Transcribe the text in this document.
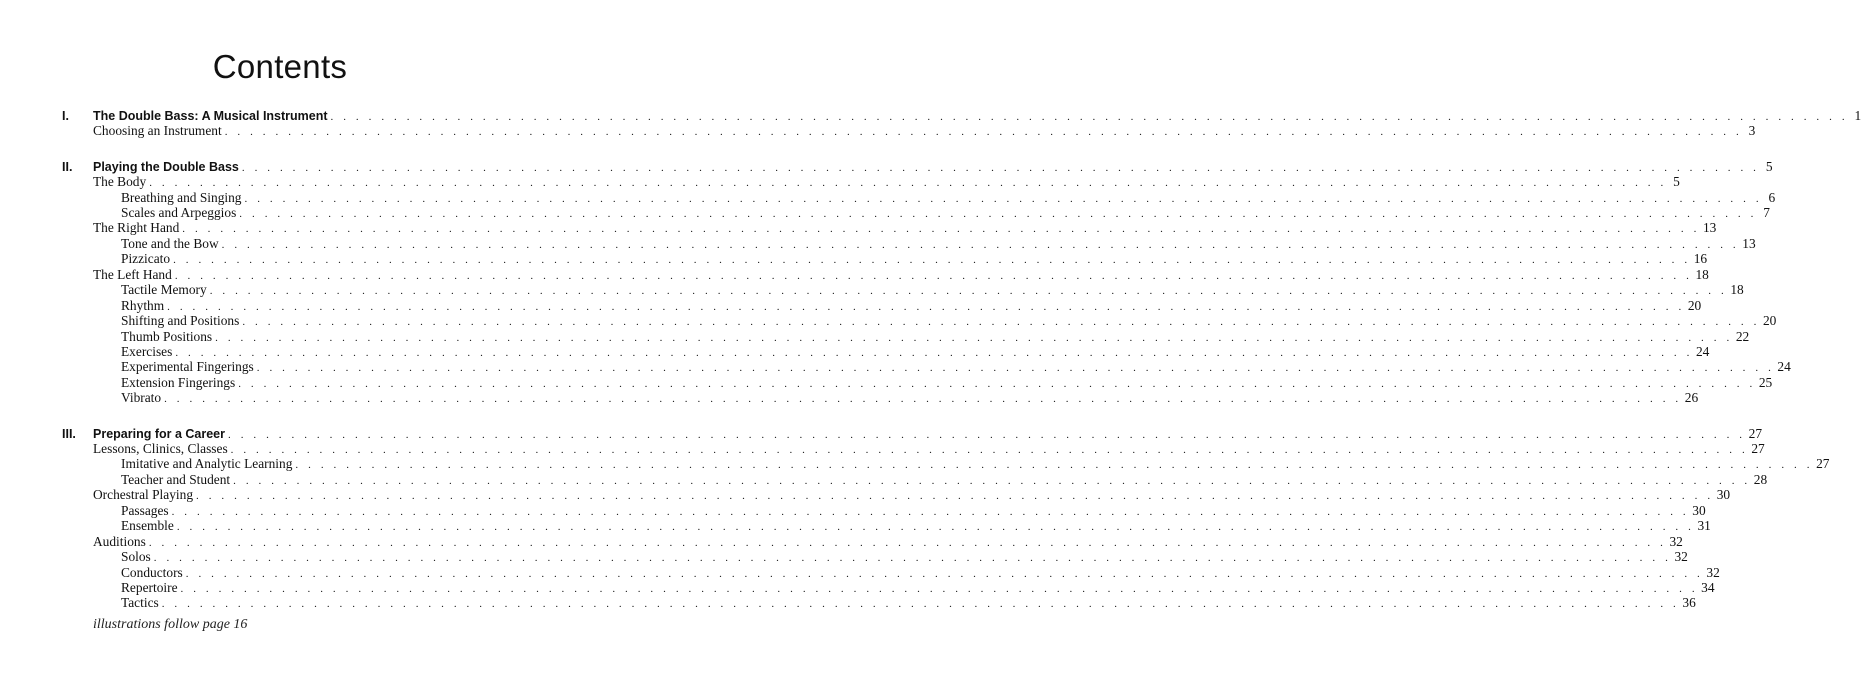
Contents
I. The Double Bass: A Musical Instrument . . . . . . . . . . . . . . . . . . . . . . . . . . . . . . . . . . . . . . . . . . . . . . . . . . . . . . . . . . . . . . . . . . . . . . . . . . . . . . . . . . . . . . . . . . . . . . . . . . . . . . . . . . . . . . . . . . . . . . . . 1
Choosing an Instrument . . . . . . . . . . . . . . . . . . . . . . . . . . . . . . . . . . . . . . . . . . . . . . . . . . . . . . . . . . . . . . . . . . . . . . . . . . . . . . . . . . . . . . . . . . . . . . . . . . . . . . . . . . . . . . . . . . . . . . . . 3
II. Playing the Double Bass . . . . . . . . . . . . . . . . . . . . . . . . . . . . . . . . . . . . . . . . . . . . . . . . . . . . . . . . . . . . . . . . . . . . . . . . . . . . . . . . . . . . . . . . . . . . . . . . . . . . . . . . . . . . . . . . . . . . . . . . 5
The Body . . . . . . . . . . . . . . . . . . . . . . . . . . . . . . . . . . . . . . . . . . . . . . . . . . . . . . . . . . . . . . . . . . . . . . . . . . . . . . . . . . . . . . . . . . . . . . . . . . . . . . . . . . . . . . . . . . . . . . . . 5
Breathing and Singing . . . . . . . . . . . . . . . . . . . . . . . . . . . . . . . . . . . . . . . . . . . . . . . . . . . . . . . . . . . . . . . . . . . . . . . . . . . . . . . . . . . . . . . . . . . . . . . . . . . . . . . . . . . . . . . . . . . . . . . . 6
Scales and Arpeggios . . . . . . . . . . . . . . . . . . . . . . . . . . . . . . . . . . . . . . . . . . . . . . . . . . . . . . . . . . . . . . . . . . . . . . . . . . . . . . . . . . . . . . . . . . . . . . . . . . . . . . . . . . . . . . . . . . . . . . . . 7
The Right Hand . . . . . . . . . . . . . . . . . . . . . . . . . . . . . . . . . . . . . . . . . . . . . . . . . . . . . . . . . . . . . . . . . . . . . . . . . . . . . . . . . . . . . . . . . . . . . . . . . . . . . . . . . . . . . . . . . . . . . . . . 13
Tone and the Bow . . . . . . . . . . . . . . . . . . . . . . . . . . . . . . . . . . . . . . . . . . . . . . . . . . . . . . . . . . . . . . . . . . . . . . . . . . . . . . . . . . . . . . . . . . . . . . . . . . . . . . . . . . . . . . . . . . . . . . . . 13
Pizzicato . . . . . . . . . . . . . . . . . . . . . . . . . . . . . . . . . . . . . . . . . . . . . . . . . . . . . . . . . . . . . . . . . . . . . . . . . . . . . . . . . . . . . . . . . . . . . . . . . . . . . . . . . . . . . . . . . . . . . . . . 16
The Left Hand . . . . . . . . . . . . . . . . . . . . . . . . . . . . . . . . . . . . . . . . . . . . . . . . . . . . . . . . . . . . . . . . . . . . . . . . . . . . . . . . . . . . . . . . . . . . . . . . . . . . . . . . . . . . . . . . . . . . . . . . 18
Tactile Memory . . . . . . . . . . . . . . . . . . . . . . . . . . . . . . . . . . . . . . . . . . . . . . . . . . . . . . . . . . . . . . . . . . . . . . . . . . . . . . . . . . . . . . . . . . . . . . . . . . . . . . . . . . . . . . . . . . . . . . . . 18
Rhythm . . . . . . . . . . . . . . . . . . . . . . . . . . . . . . . . . . . . . . . . . . . . . . . . . . . . . . . . . . . . . . . . . . . . . . . . . . . . . . . . . . . . . . . . . . . . . . . . . . . . . . . . . . . . . . . . . . . . . . . . 20
Shifting and Positions . . . . . . . . . . . . . . . . . . . . . . . . . . . . . . . . . . . . . . . . . . . . . . . . . . . . . . . . . . . . . . . . . . . . . . . . . . . . . . . . . . . . . . . . . . . . . . . . . . . . . . . . . . . . . . . . . . . . . . . . 20
Thumb Positions . . . . . . . . . . . . . . . . . . . . . . . . . . . . . . . . . . . . . . . . . . . . . . . . . . . . . . . . . . . . . . . . . . . . . . . . . . . . . . . . . . . . . . . . . . . . . . . . . . . . . . . . . . . . . . . . . . . . . . . . 22
Exercises . . . . . . . . . . . . . . . . . . . . . . . . . . . . . . . . . . . . . . . . . . . . . . . . . . . . . . . . . . . . . . . . . . . . . . . . . . . . . . . . . . . . . . . . . . . . . . . . . . . . . . . . . . . . . . . . . . . . . . . . 24
Experimental Fingerings . . . . . . . . . . . . . . . . . . . . . . . . . . . . . . . . . . . . . . . . . . . . . . . . . . . . . . . . . . . . . . . . . . . . . . . . . . . . . . . . . . . . . . . . . . . . . . . . . . . . . . . . . . . . . . . . . . . . . . . . 24
Extension Fingerings . . . . . . . . . . . . . . . . . . . . . . . . . . . . . . . . . . . . . . . . . . . . . . . . . . . . . . . . . . . . . . . . . . . . . . . . . . . . . . . . . . . . . . . . . . . . . . . . . . . . . . . . . . . . . . . . . . . . . . . . 25
Vibrato . . . . . . . . . . . . . . . . . . . . . . . . . . . . . . . . . . . . . . . . . . . . . . . . . . . . . . . . . . . . . . . . . . . . . . . . . . . . . . . . . . . . . . . . . . . . . . . . . . . . . . . . . . . . . . . . . . . . . . . . 26
III. Preparing for a Career . . . . . . . . . . . . . . . . . . . . . . . . . . . . . . . . . . . . . . . . . . . . . . . . . . . . . . . . . . . . . . . . . . . . . . . . . . . . . . . . . . . . . . . . . . . . . . . . . . . . . . . . . . . . . . . . . . . . . . . . 27
Lessons, Clinics, Classes . . . . . . . . . . . . . . . . . . . . . . . . . . . . . . . . . . . . . . . . . . . . . . . . . . . . . . . . . . . . . . . . . . . . . . . . . . . . . . . . . . . . . . . . . . . . . . . . . . . . . . . . . . . . . . . . . . . . . . . . 27
Imitative and Analytic Learning . . . . . . . . . . . . . . . . . . . . . . . . . . . . . . . . . . . . . . . . . . . . . . . . . . . . . . . . . . . . . . . . . . . . . . . . . . . . . . . . . . . . . . . . . . . . . . . . . . . . . . . . . . . . . . . . . . . . . . . . 27
Teacher and Student . . . . . . . . . . . . . . . . . . . . . . . . . . . . . . . . . . . . . . . . . . . . . . . . . . . . . . . . . . . . . . . . . . . . . . . . . . . . . . . . . . . . . . . . . . . . . . . . . . . . . . . . . . . . . . . . . . . . . . . . 28
Orchestral Playing . . . . . . . . . . . . . . . . . . . . . . . . . . . . . . . . . . . . . . . . . . . . . . . . . . . . . . . . . . . . . . . . . . . . . . . . . . . . . . . . . . . . . . . . . . . . . . . . . . . . . . . . . . . . . . . . . . . . . . . . 30
Passages . . . . . . . . . . . . . . . . . . . . . . . . . . . . . . . . . . . . . . . . . . . . . . . . . . . . . . . . . . . . . . . . . . . . . . . . . . . . . . . . . . . . . . . . . . . . . . . . . . . . . . . . . . . . . . . . . . . . . . . . 30
Ensemble . . . . . . . . . . . . . . . . . . . . . . . . . . . . . . . . . . . . . . . . . . . . . . . . . . . . . . . . . . . . . . . . . . . . . . . . . . . . . . . . . . . . . . . . . . . . . . . . . . . . . . . . . . . . . . . . . . . . . . . . 31
Auditions . . . . . . . . . . . . . . . . . . . . . . . . . . . . . . . . . . . . . . . . . . . . . . . . . . . . . . . . . . . . . . . . . . . . . . . . . . . . . . . . . . . . . . . . . . . . . . . . . . . . . . . . . . . . . . . . . . . . . . . . 32
Solos . . . . . . . . . . . . . . . . . . . . . . . . . . . . . . . . . . . . . . . . . . . . . . . . . . . . . . . . . . . . . . . . . . . . . . . . . . . . . . . . . . . . . . . . . . . . . . . . . . . . . . . . . . . . . . . . . . . . . . . . 32
Conductors . . . . . . . . . . . . . . . . . . . . . . . . . . . . . . . . . . . . . . . . . . . . . . . . . . . . . . . . . . . . . . . . . . . . . . . . . . . . . . . . . . . . . . . . . . . . . . . . . . . . . . . . . . . . . . . . . . . . . . . . 32
Repertoire . . . . . . . . . . . . . . . . . . . . . . . . . . . . . . . . . . . . . . . . . . . . . . . . . . . . . . . . . . . . . . . . . . . . . . . . . . . . . . . . . . . . . . . . . . . . . . . . . . . . . . . . . . . . . . . . . . . . . . . . 34
Tactics . . . . . . . . . . . . . . . . . . . . . . . . . . . . . . . . . . . . . . . . . . . . . . . . . . . . . . . . . . . . . . . . . . . . . . . . . . . . . . . . . . . . . . . . . . . . . . . . . . . . . . . . . . . . . . . . . . . . . . . . 36
illustrations follow page 16
